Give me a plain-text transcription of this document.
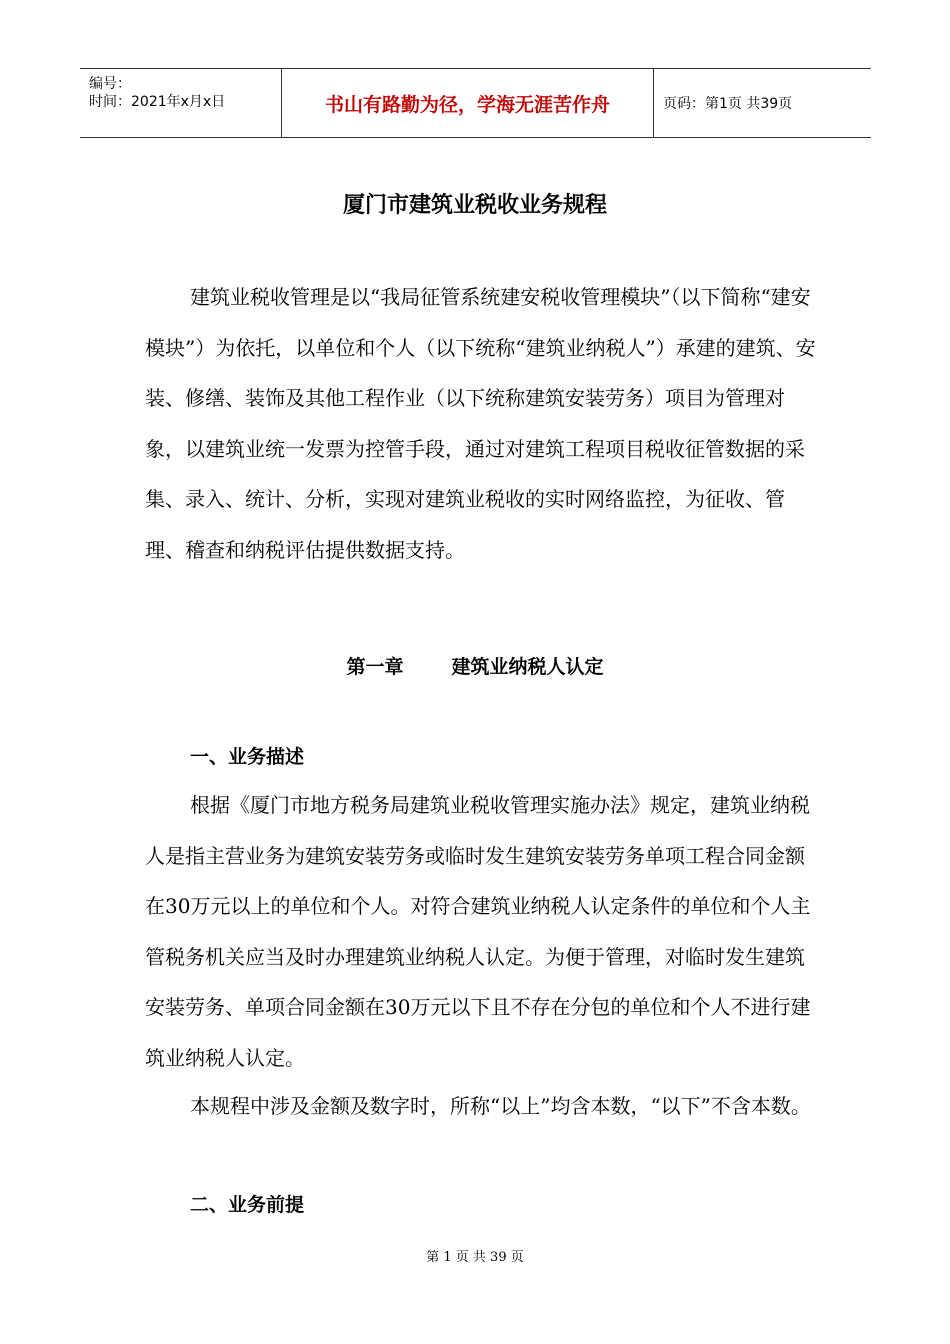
编号：
时间：2021年x月x日	书山有路勤为径，学海无涯苦作舟	页码：第1页 共39页
厦门市建筑业税收业务规程

建筑业税收管理是以“我局征管系统建安税收管理模块”（以下简称“建安模块”）为依托，以单位和个人（以下统称“建筑业纳税人”）承建的建筑、安装、修缮、装饰及其他工程作业（以下统称建筑安装劳务）项目为管理对象，以建筑业统一发票为控管手段，通过对建筑工程项目税收征管数据的采集、录入、统计、分析，实现对建筑业税收的实时网络监控，为征收、管理、稽查和纳税评估提供数据支持。

第一章	建筑业纳税人认定
一、业务描述

根据《厦门市地方税务局建筑业税收管理实施办法》规定，建筑业纳税人是指主营业务为建筑安装劳务或临时发生建筑安装劳务单项工程合同金额在30万元以上的单位和个人。对符合建筑业纳税人认定条件的单位和个人主管税务机关应当及时办理建筑业纳税人认定。为便于管理，对临时发生建筑安装劳务、单项合同金额在30万元以下且不存在分包的单位和个人不进行建筑业纳税人认定。

本规程中涉及金额及数字时，所称“以上”均含本数，“以下”不含本数。

二、业务前提
第 1 页 共 39 页
